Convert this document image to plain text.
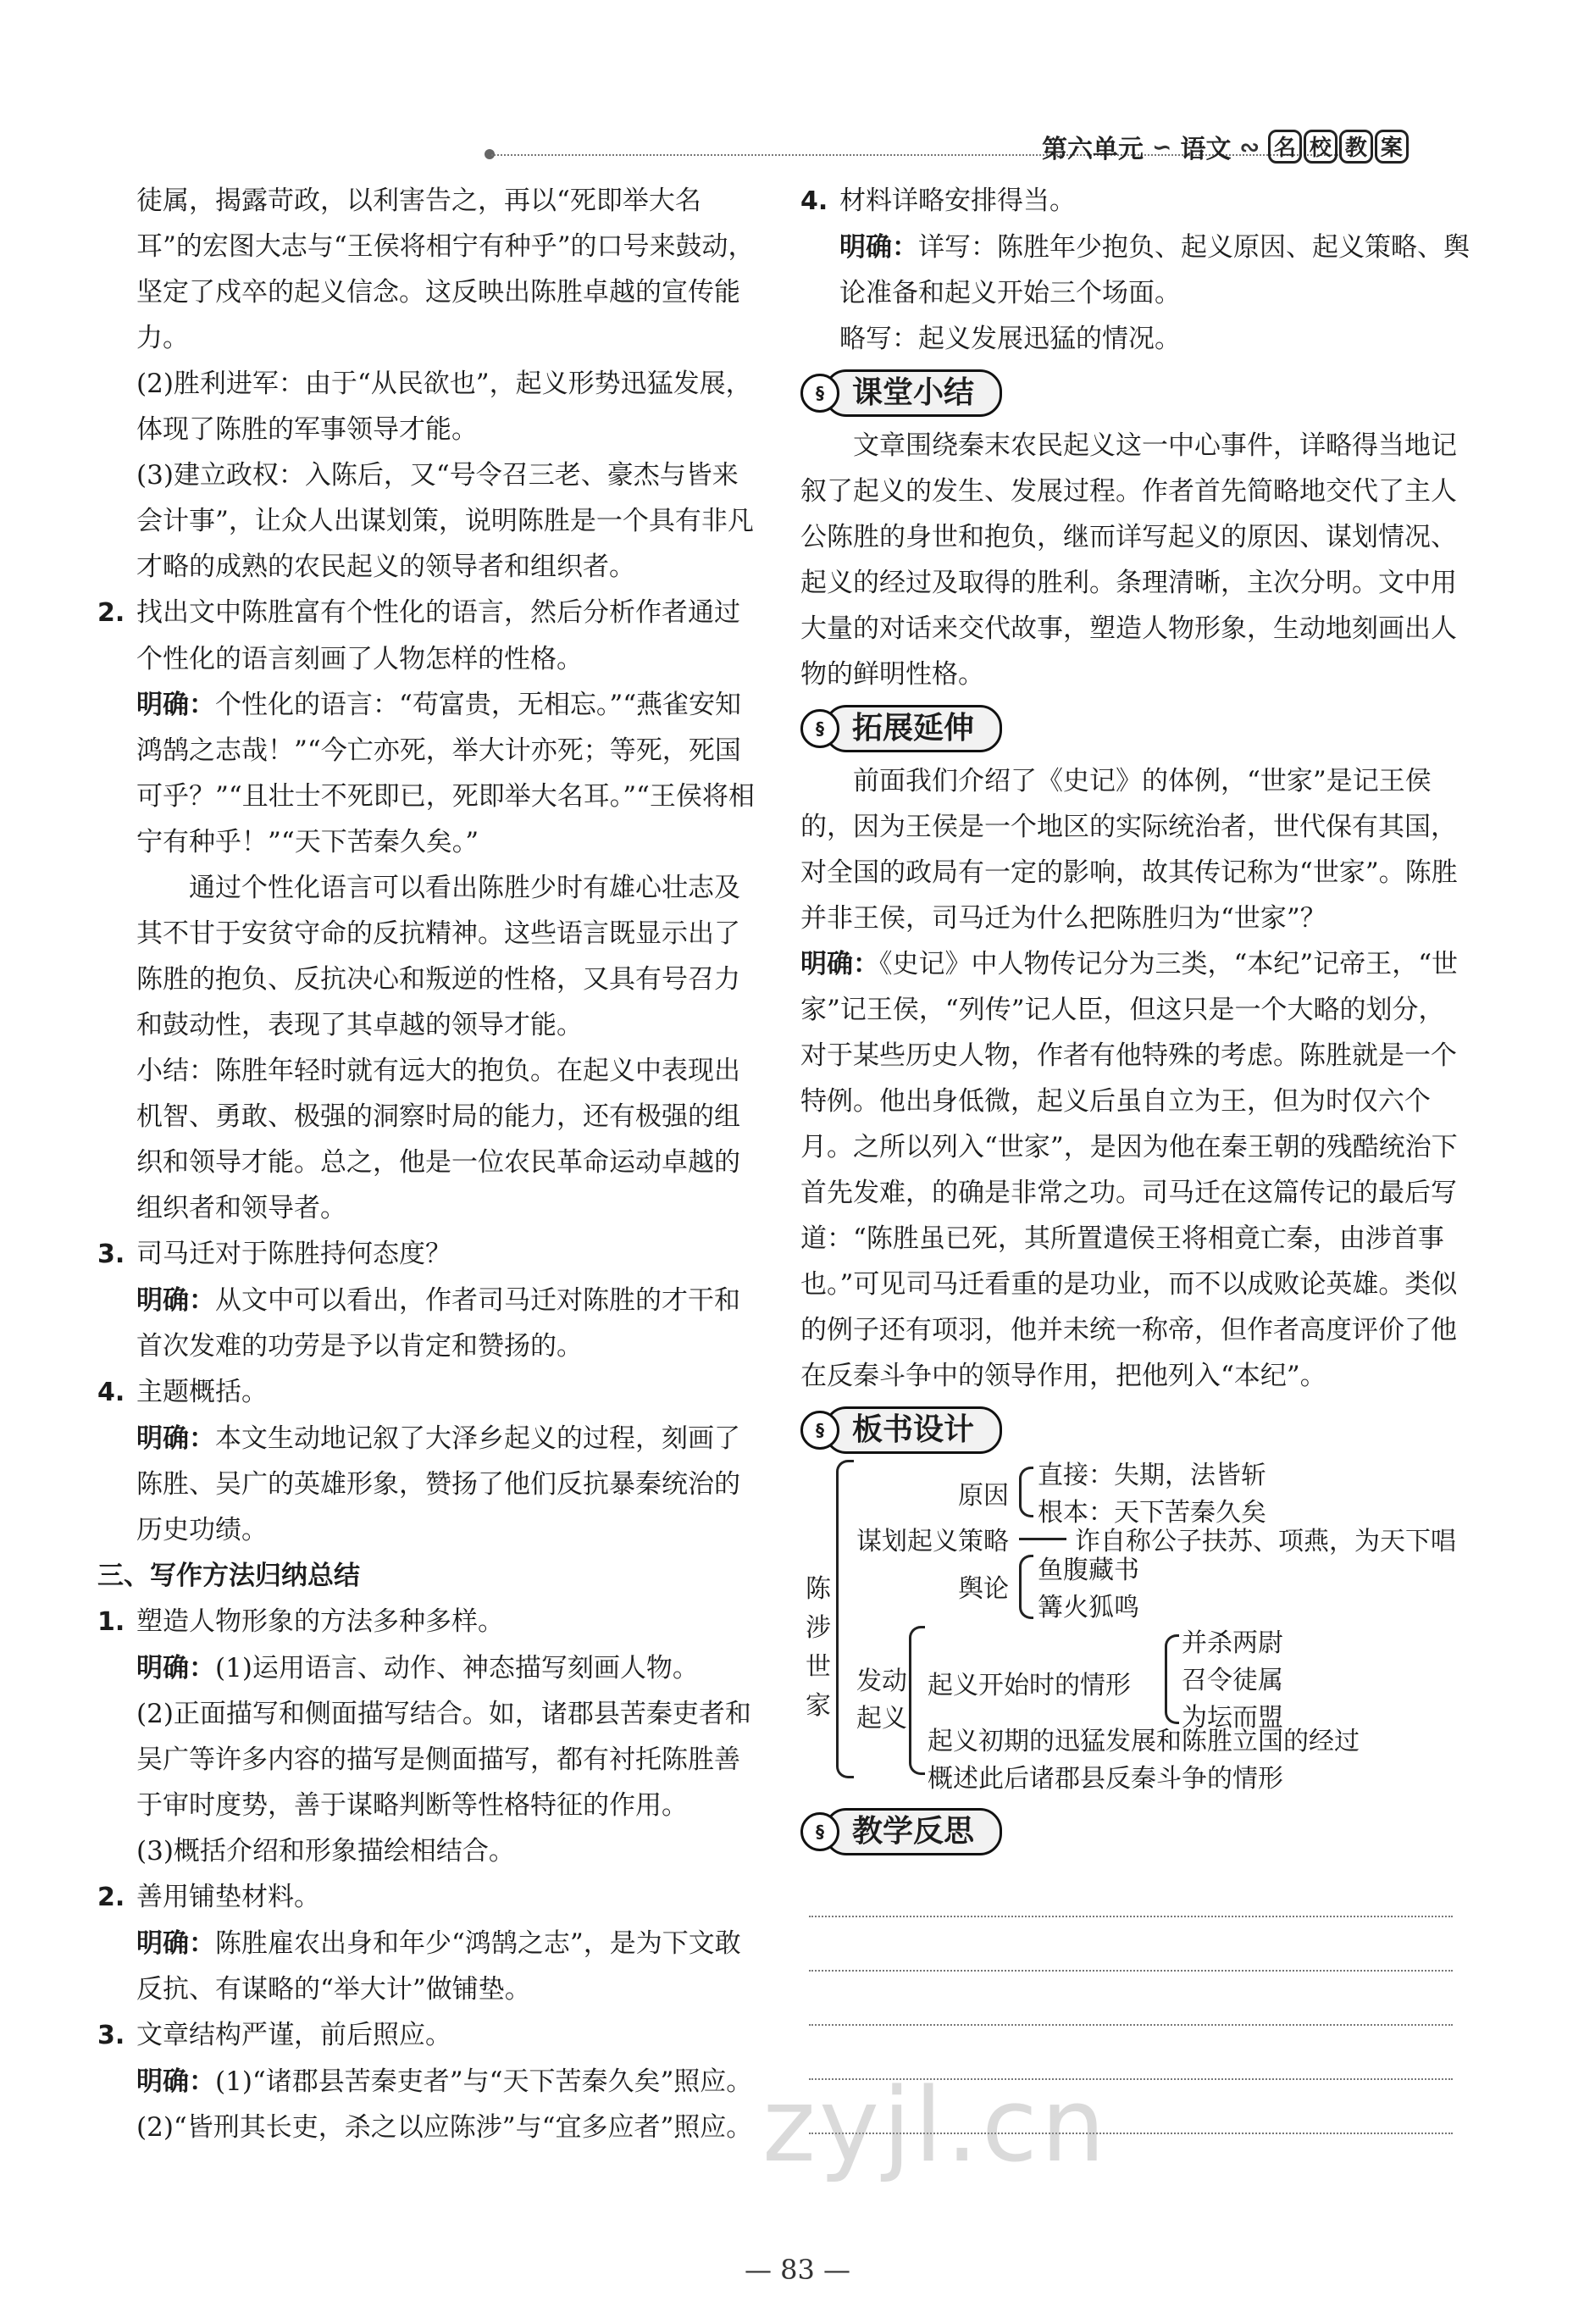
第六单元 ∽ 语文 ∾ 名 校 教 案

徒属，揭露苛政，以利害告之，再以“死即举大名耳”的宏图大志与“王侯将相宁有种乎”的口号来鼓动，坚定了戍卒的起义信念。这反映出陈胜卓越的宣传能力。

(2)胜利进军：由于“从民欲也”，起义形势迅猛发展，体现了陈胜的军事领导才能。

(3)建立政权：入陈后，又“号令召三老、豪杰与皆来会计事”，让众人出谋划策，说明陈胜是一个具有非凡才略的成熟的农民起义的领导者和组织者。

2. 找出文中陈胜富有个性化的语言，然后分析作者通过个性化的语言刻画了人物怎样的性格。

明确：个性化的语言：“苟富贵，无相忘。”“燕雀安知鸿鹄之志哉！”“今亡亦死，举大计亦死；等死，死国可乎？”“且壮士不死即已，死即举大名耳。”“王侯将相宁有种乎！”“天下苦秦久矣。”

通过个性化语言可以看出陈胜少时有雄心壮志及其不甘于安贫守命的反抗精神。这些语言既显示出了陈胜的抱负、反抗决心和叛逆的性格，又具有号召力和鼓动性，表现了其卓越的领导才能。

小结：陈胜年轻时就有远大的抱负。在起义中表现出机智、勇敢、极强的洞察时局的能力，还有极强的组织和领导才能。总之，他是一位农民革命运动卓越的组织者和领导者。

3. 司马迁对于陈胜持何态度？

明确：从文中可以看出，作者司马迁对陈胜的才干和首次发难的功劳是予以肯定和赞扬的。

4. 主题概括。

明确：本文生动地记叙了大泽乡起义的过程，刻画了陈胜、吴广的英雄形象，赞扬了他们反抗暴秦统治的历史功绩。

三、写作方法归纳总结

1. 塑造人物形象的方法多种多样。

明确：(1)运用语言、动作、神态描写刻画人物。

(2)正面描写和侧面描写结合。如，诸郡县苦秦吏者和吴广等许多内容的描写是侧面描写，都有衬托陈胜善于审时度势，善于谋略判断等性格特征的作用。

(3)概括介绍和形象描绘相结合。

2. 善用铺垫材料。

明确：陈胜雇农出身和年少“鸿鹄之志”，是为下文敢反抗、有谋略的“举大计”做铺垫。

3. 文章结构严谨，前后照应。

明确：(1)“诸郡县苦秦吏者”与“天下苦秦久矣”照应。

(2)“皆刑其长吏，杀之以应陈涉”与“宜多应者”照应。

4. 材料详略安排得当。

明确：详写：陈胜年少抱负、起义原因、起义策略、舆论准备和起义开始三个场面。

略写：起义发展迅猛的情况。

§ 课堂小结

文章围绕秦末农民起义这一中心事件，详略得当地记叙了起义的发生、发展过程。作者首先简略地交代了主人公陈胜的身世和抱负，继而详写起义的原因、谋划情况、起义的经过及取得的胜利。条理清晰，主次分明。文中用大量的对话来交代故事，塑造人物形象，生动地刻画出人物的鲜明性格。

§ 拓展延伸

前面我们介绍了《史记》的体例，“世家”是记王侯的，因为王侯是一个地区的实际统治者，世代保有其国，对全国的政局有一定的影响，故其传记称为“世家”。陈胜并非王侯，司马迁为什么把陈胜归为“世家”？

明确：《史记》中人物传记分为三类，“本纪”记帝王，“世家”记王侯，“列传”记人臣，但这只是一个大略的划分，对于某些历史人物，作者有他特殊的考虑。陈胜就是一个特例。他出身低微，起义后虽自立为王，但为时仅六个月。之所以列入“世家”，是因为他在秦王朝的残酷统治下首先发难，的确是非常之功。司马迁在这篇传记的最后写道：“陈胜虽已死，其所置遣侯王将相竟亡秦，由涉首事也。”可见司马迁看重的是功业，而不以成败论英雄。类似的例子还有项羽，他并未统一称帝，但作者高度评价了他在反秦斗争中的领导作用，把他列入“本纪”。

§ 板书设计
陈
涉
世
家
谋划起义策略
原因
直接：失期，法皆斩
根本：天下苦秦久矣
诈自称公子扶苏、项燕，为天下唱
舆论
鱼腹藏书
篝火狐鸣
发动
起义
起义开始时的情形
并杀两尉
召令徒属
为坛而盟
起义初期的迅猛发展和陈胜立国的经过
概述此后诸郡县反秦斗争的情形
§ 教学反思
zyjl.cn
— 83 —
